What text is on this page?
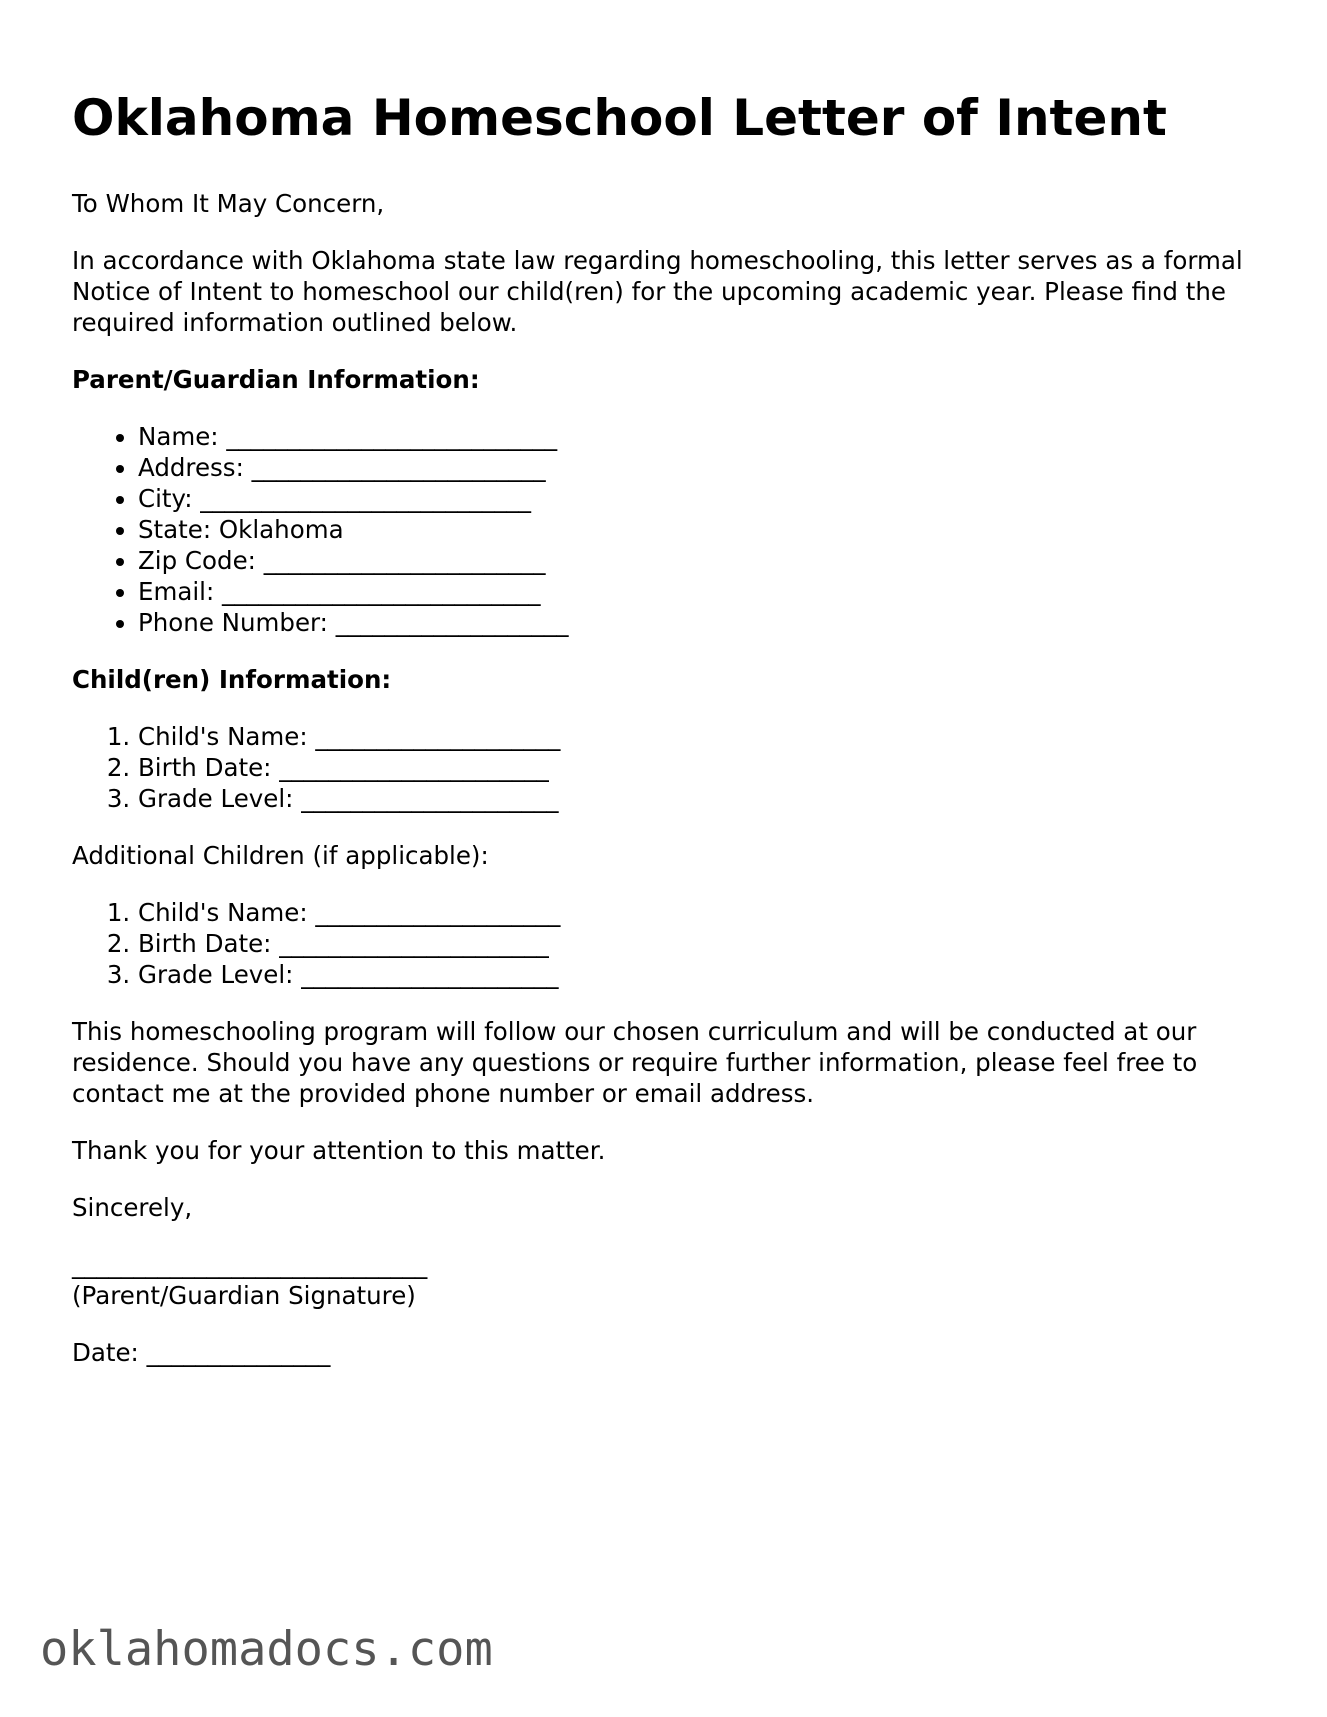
Oklahoma Homeschool Letter of Intent

To Whom It May Concern,

In accordance with Oklahoma state law regarding homeschooling, this letter serves as a formal Notice of Intent to homeschool our child(ren) for the upcoming academic year. Please find the required information outlined below.

Parent/Guardian Information:

• Name: ___________________________
• Address: ________________________
• City: ___________________________
• State: Oklahoma
• Zip Code: _______________________
• Email: __________________________
• Phone Number: ___________________

Child(ren) Information:

1. Child's Name: ____________________
2. Birth Date: ______________________
3. Grade Level: _____________________

Additional Children (if applicable):

1. Child's Name: ____________________
2. Birth Date: ______________________
3. Grade Level: _____________________

This homeschooling program will follow our chosen curriculum and will be conducted at our residence. Should you have any questions or require further information, please feel free to contact me at the provided phone number or email address.

Thank you for your attention to this matter.

Sincerely,

_____________________________

(Parent/Guardian Signature)

Date: _______________

oklahomadocs.com
